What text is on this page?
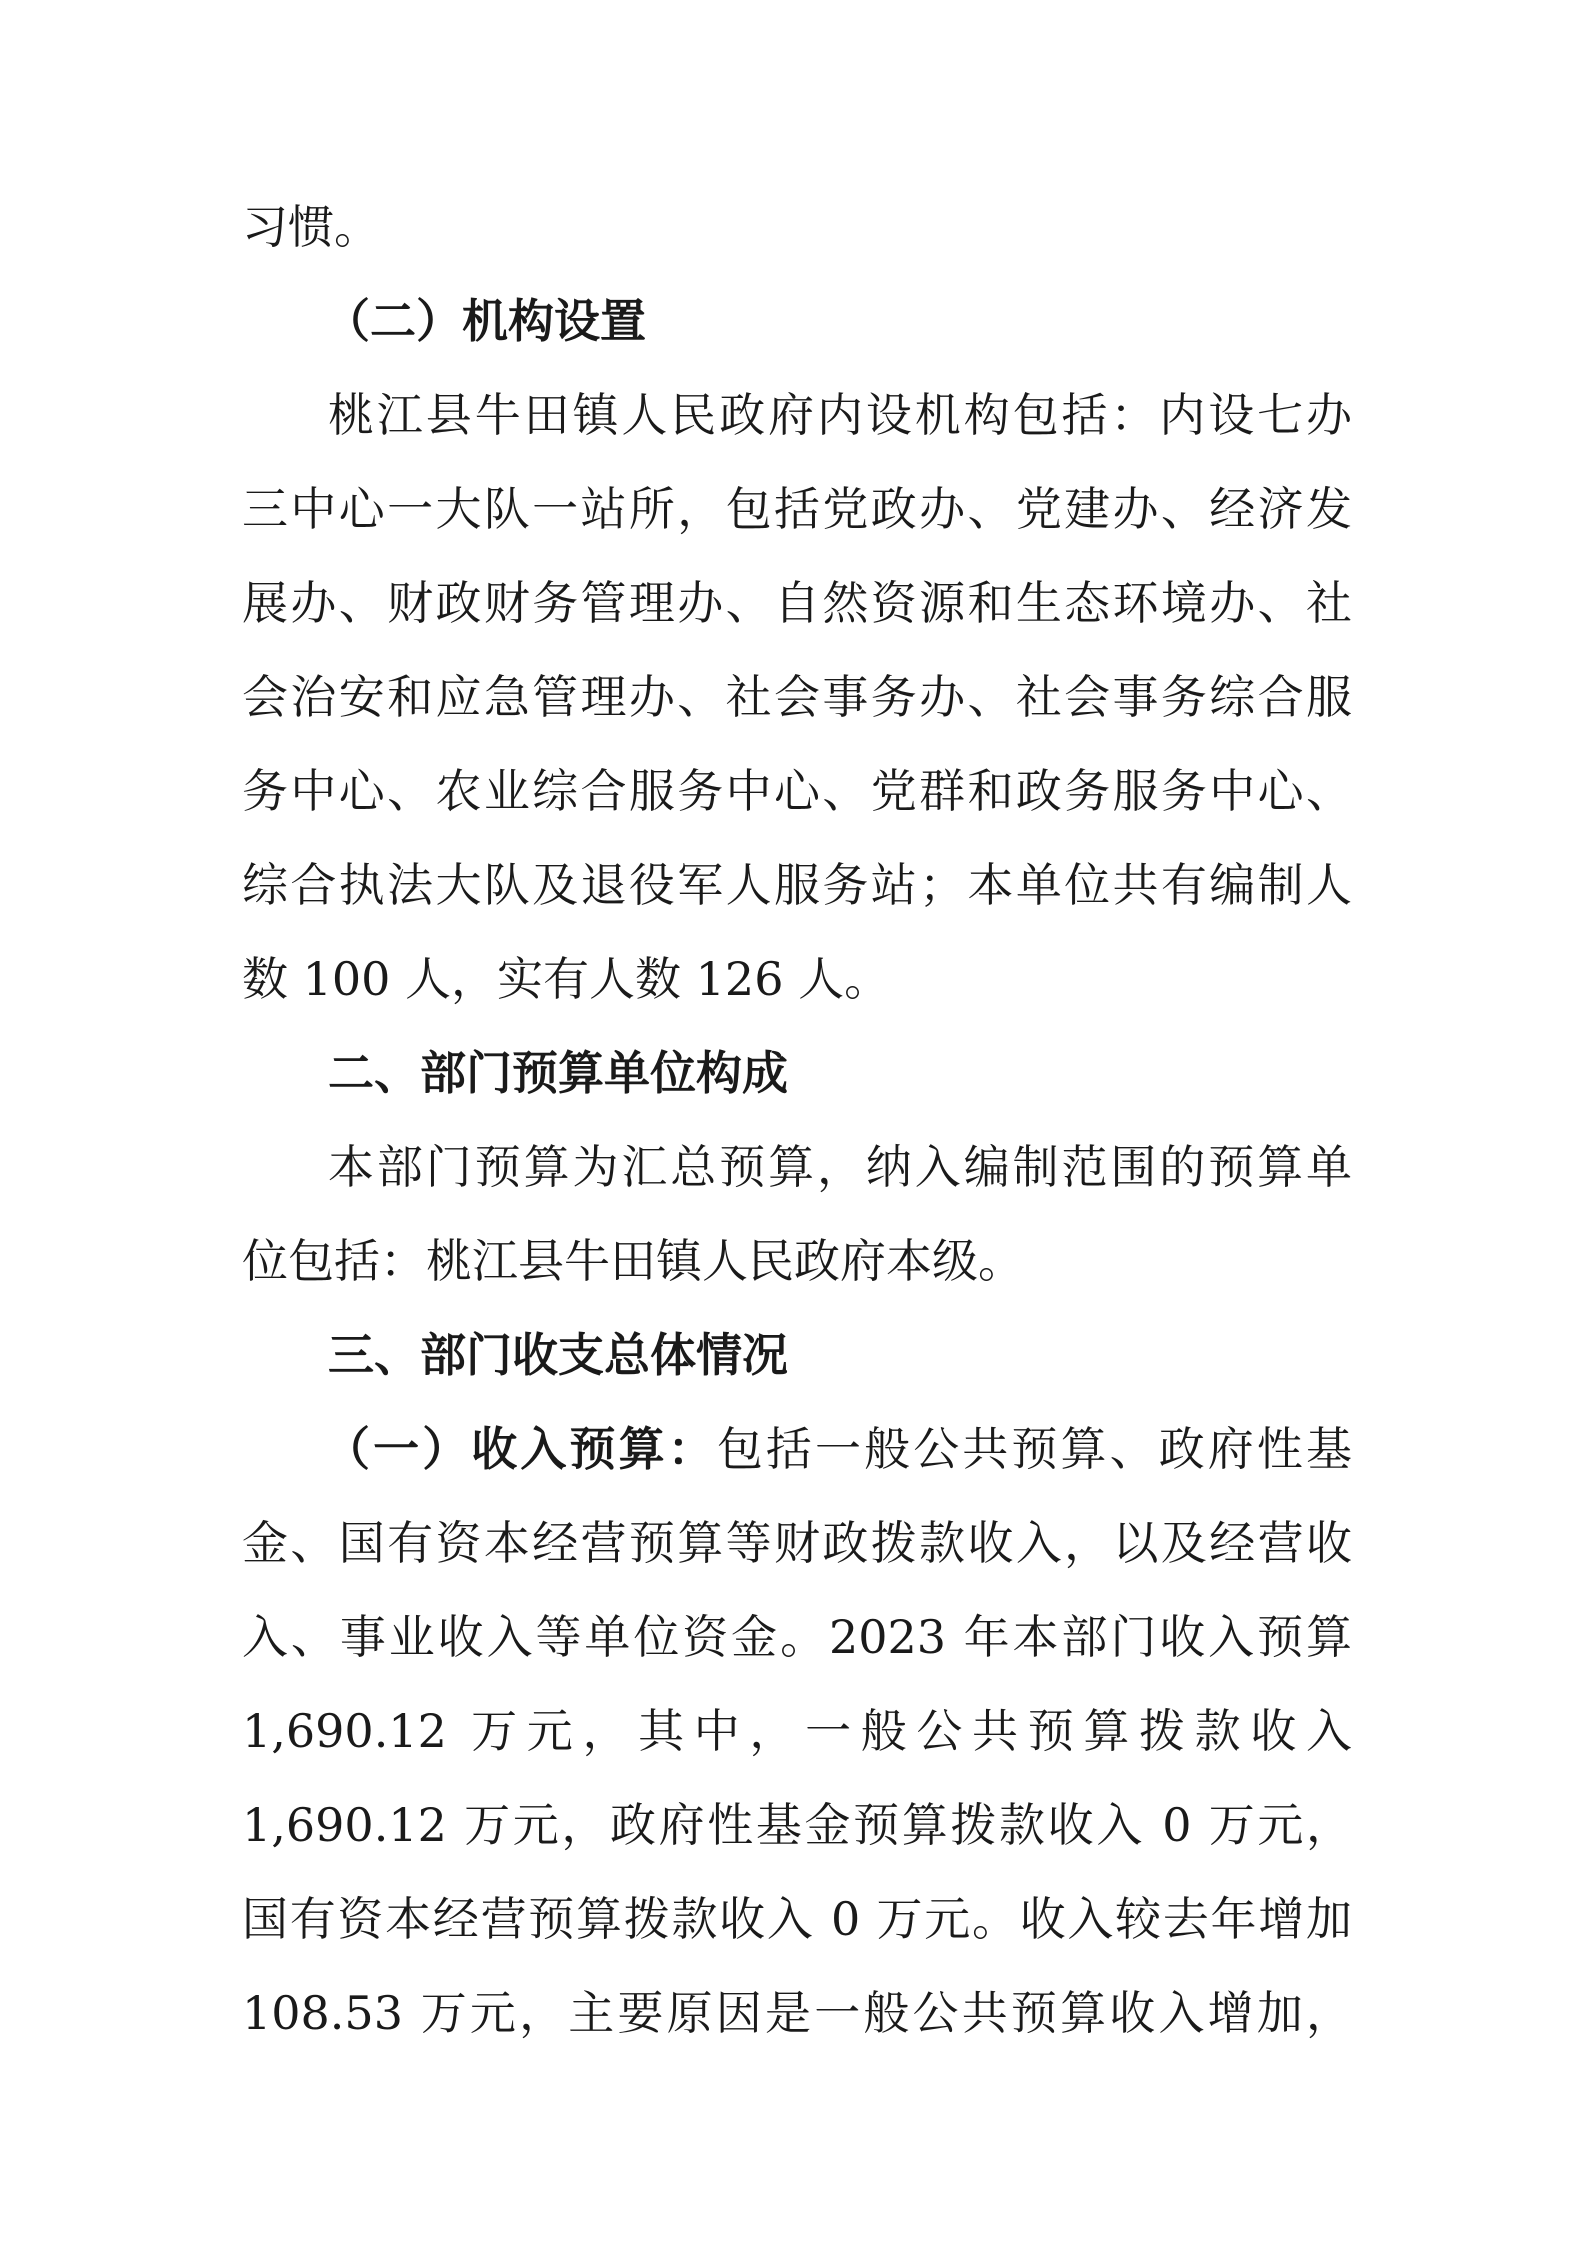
习惯。
（二）机构设置
桃江县牛田镇人民政府内设机构包括：内设七办
三中心一大队一站所，包括党政办、党建办、经济发
展办、财政财务管理办、自然资源和生态环境办、社
会治安和应急管理办、社会事务办、社会事务综合服
务中心、农业综合服务中心、党群和政务服务中心、
综合执法大队及退役军人服务站；本单位共有编制人
数 100 人，实有人数 126 人。
二、部门预算单位构成
本部门预算为汇总预算，纳入编制范围的预算单
位包括：桃江县牛田镇人民政府本级。
三、部门收支总体情况
（一）收入预算：包括一般公共预算、政府性基
金、国有资本经营预算等财政拨款收入，以及经营收
入、事业收入等单位资金。2023 年本部门收入预算
1,690.12 万元，其中，一般公共预算拨款收入
1,690.12 万元，政府性基金预算拨款收入 0 万元，
国有资本经营预算拨款收入 0 万元。收入较去年增加
108.53 万元，主要原因是一般公共预算收入增加，
